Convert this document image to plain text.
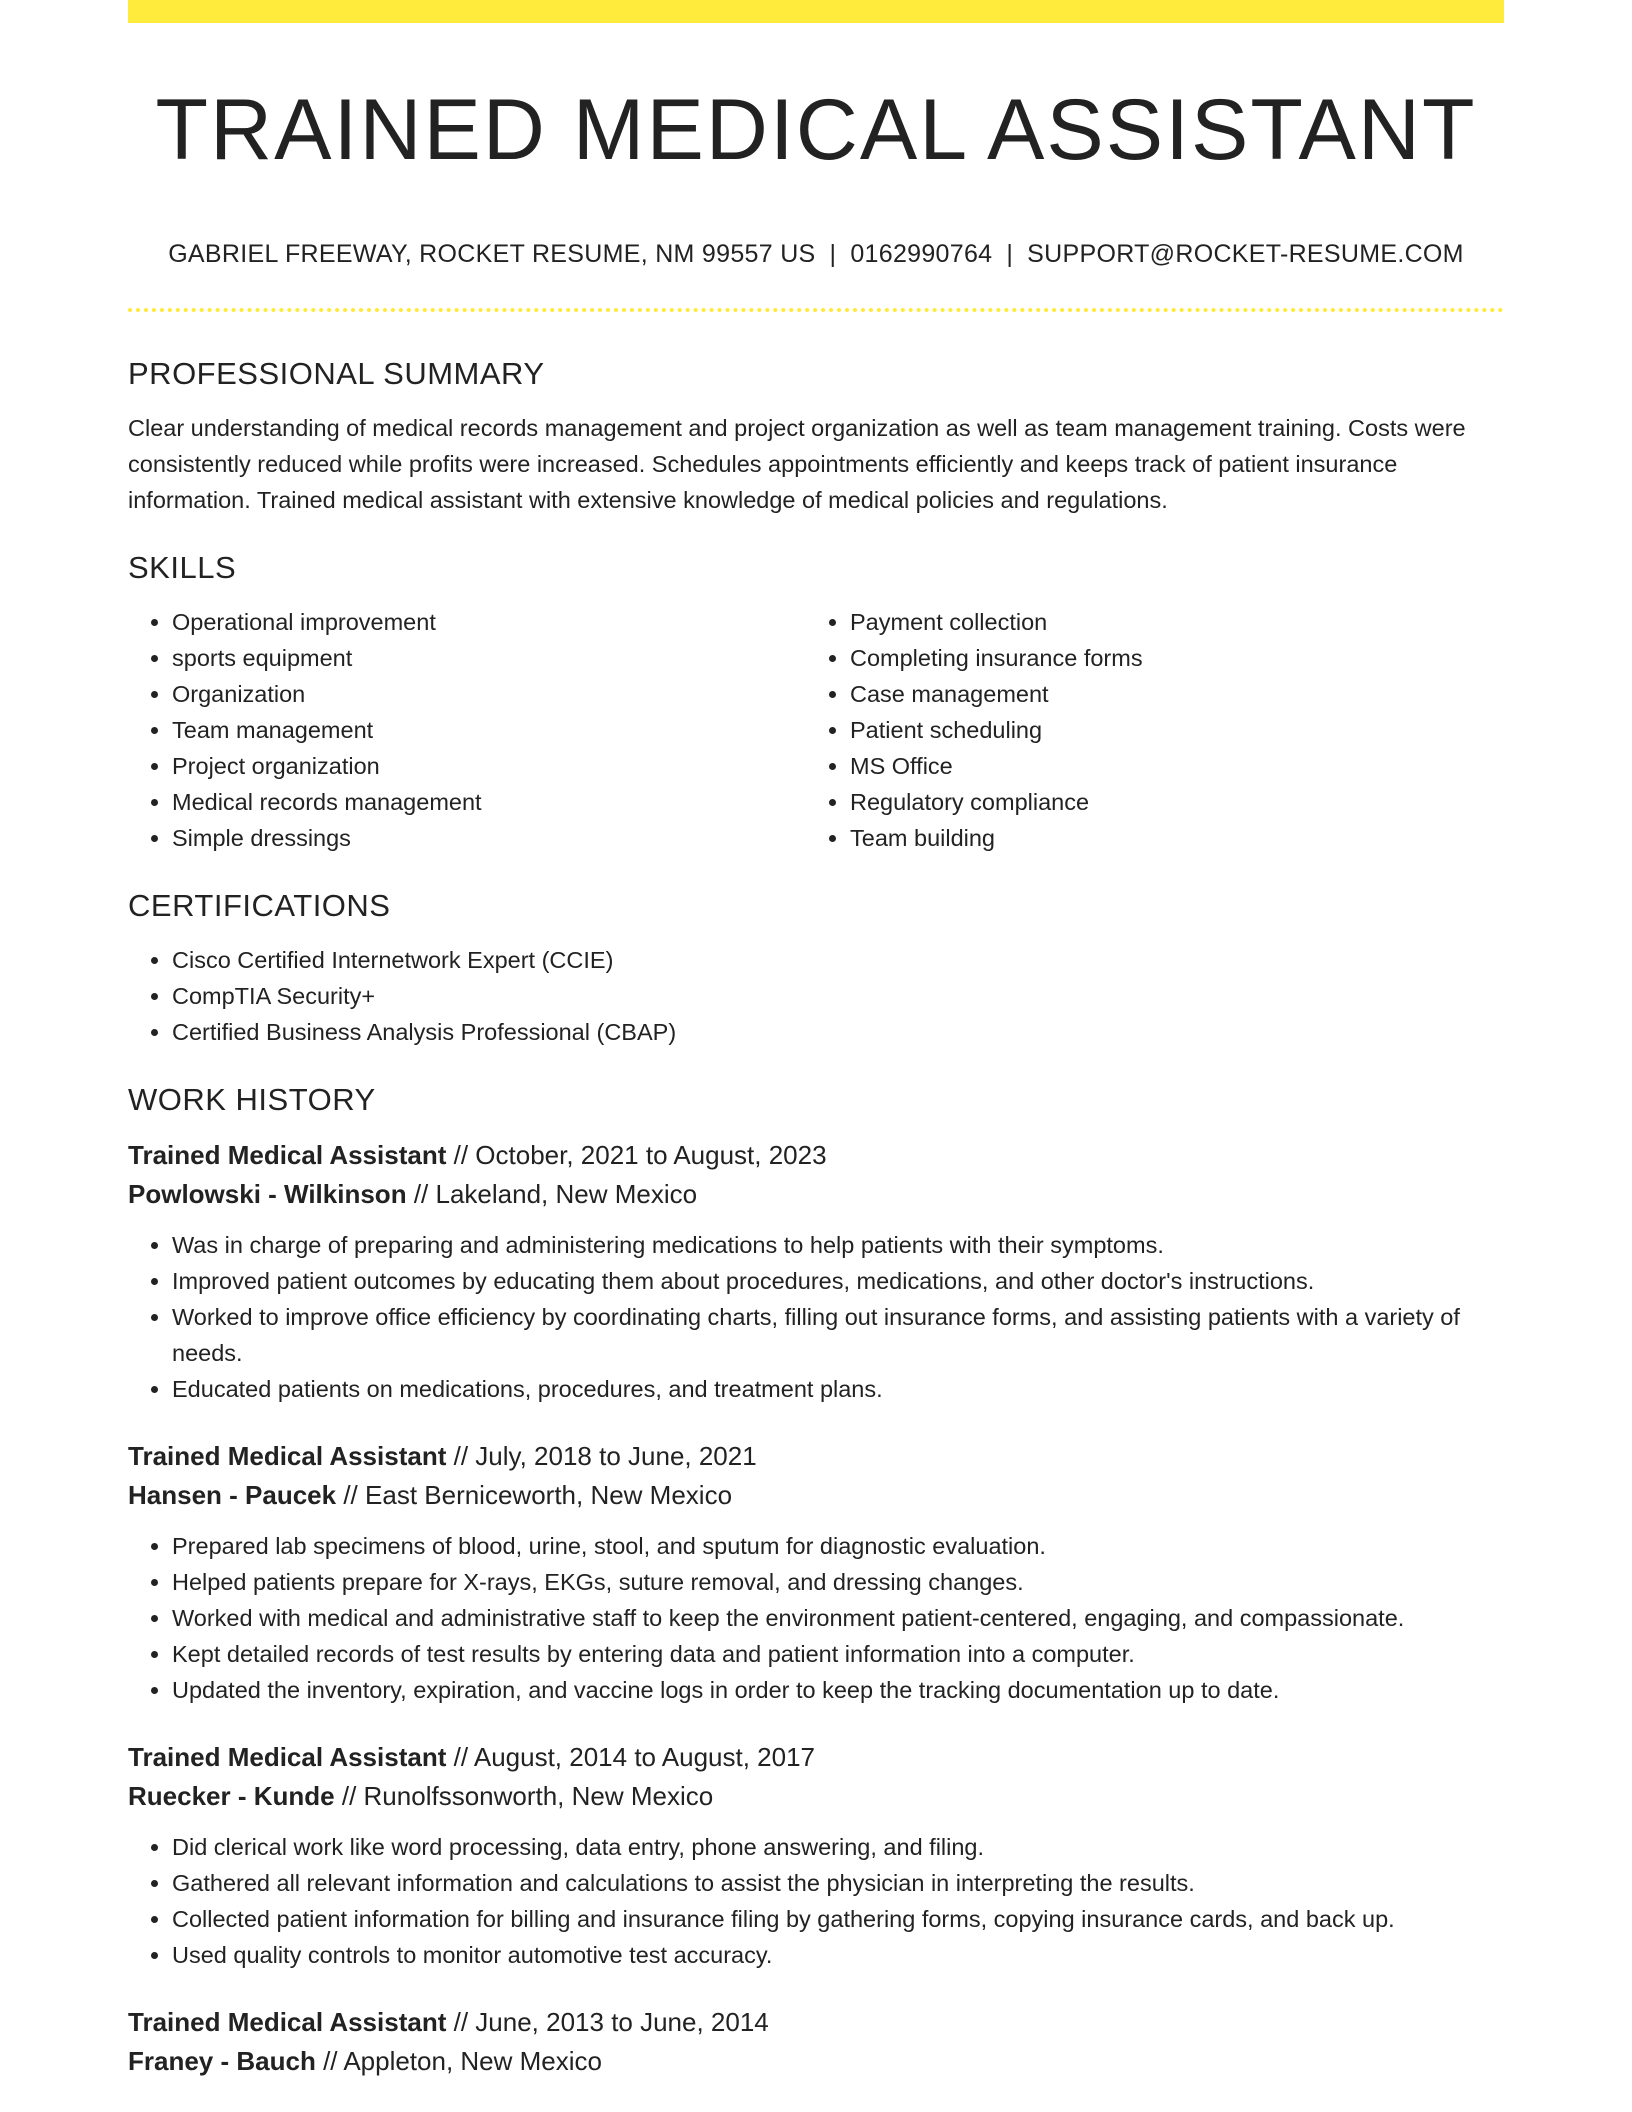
TRAINED MEDICAL ASSISTANT
GABRIEL FREEWAY, ROCKET RESUME, NM 99557 US | 0162990764 | SUPPORT@ROCKET-RESUME.COM
PROFESSIONAL SUMMARY

Clear understanding of medical records management and project organization as well as team management training. Costs were consistently reduced while profits were increased. Schedules appointments efficiently and keeps track of patient insurance information. Trained medical assistant with extensive knowledge of medical policies and regulations.

SKILLS
• Operational improvement
• sports equipment
• Organization
• Team management
• Project organization
• Medical records management
• Simple dressings
• Payment collection
• Completing insurance forms
• Case management
• Patient scheduling
• MS Office
• Regulatory compliance
• Team building
CERTIFICATIONS
• Cisco Certified Internetwork Expert (CCIE)
• CompTIA Security+
• Certified Business Analysis Professional (CBAP)
WORK HISTORY
Trained Medical Assistant // October, 2021 to August, 2023
Powlowski - Wilkinson // Lakeland, New Mexico
• Was in charge of preparing and administering medications to help patients with their symptoms.
• Improved patient outcomes by educating them about procedures, medications, and other doctor's instructions.
• Worked to improve office efficiency by coordinating charts, filling out insurance forms, and assisting patients with a variety of needs.
• Educated patients on medications, procedures, and treatment plans.
Trained Medical Assistant // July, 2018 to June, 2021
Hansen - Paucek // East Berniceworth, New Mexico
• Prepared lab specimens of blood, urine, stool, and sputum for diagnostic evaluation.
• Helped patients prepare for X-rays, EKGs, suture removal, and dressing changes.
• Worked with medical and administrative staff to keep the environment patient-centered, engaging, and compassionate.
• Kept detailed records of test results by entering data and patient information into a computer.
• Updated the inventory, expiration, and vaccine logs in order to keep the tracking documentation up to date.
Trained Medical Assistant // August, 2014 to August, 2017
Ruecker - Kunde // Runolfssonworth, New Mexico
• Did clerical work like word processing, data entry, phone answering, and filing.
• Gathered all relevant information and calculations to assist the physician in interpreting the results.
• Collected patient information for billing and insurance filing by gathering forms, copying insurance cards, and back up.
• Used quality controls to monitor automotive test accuracy.
Trained Medical Assistant // June, 2013 to June, 2014
Franey - Bauch // Appleton, New Mexico
